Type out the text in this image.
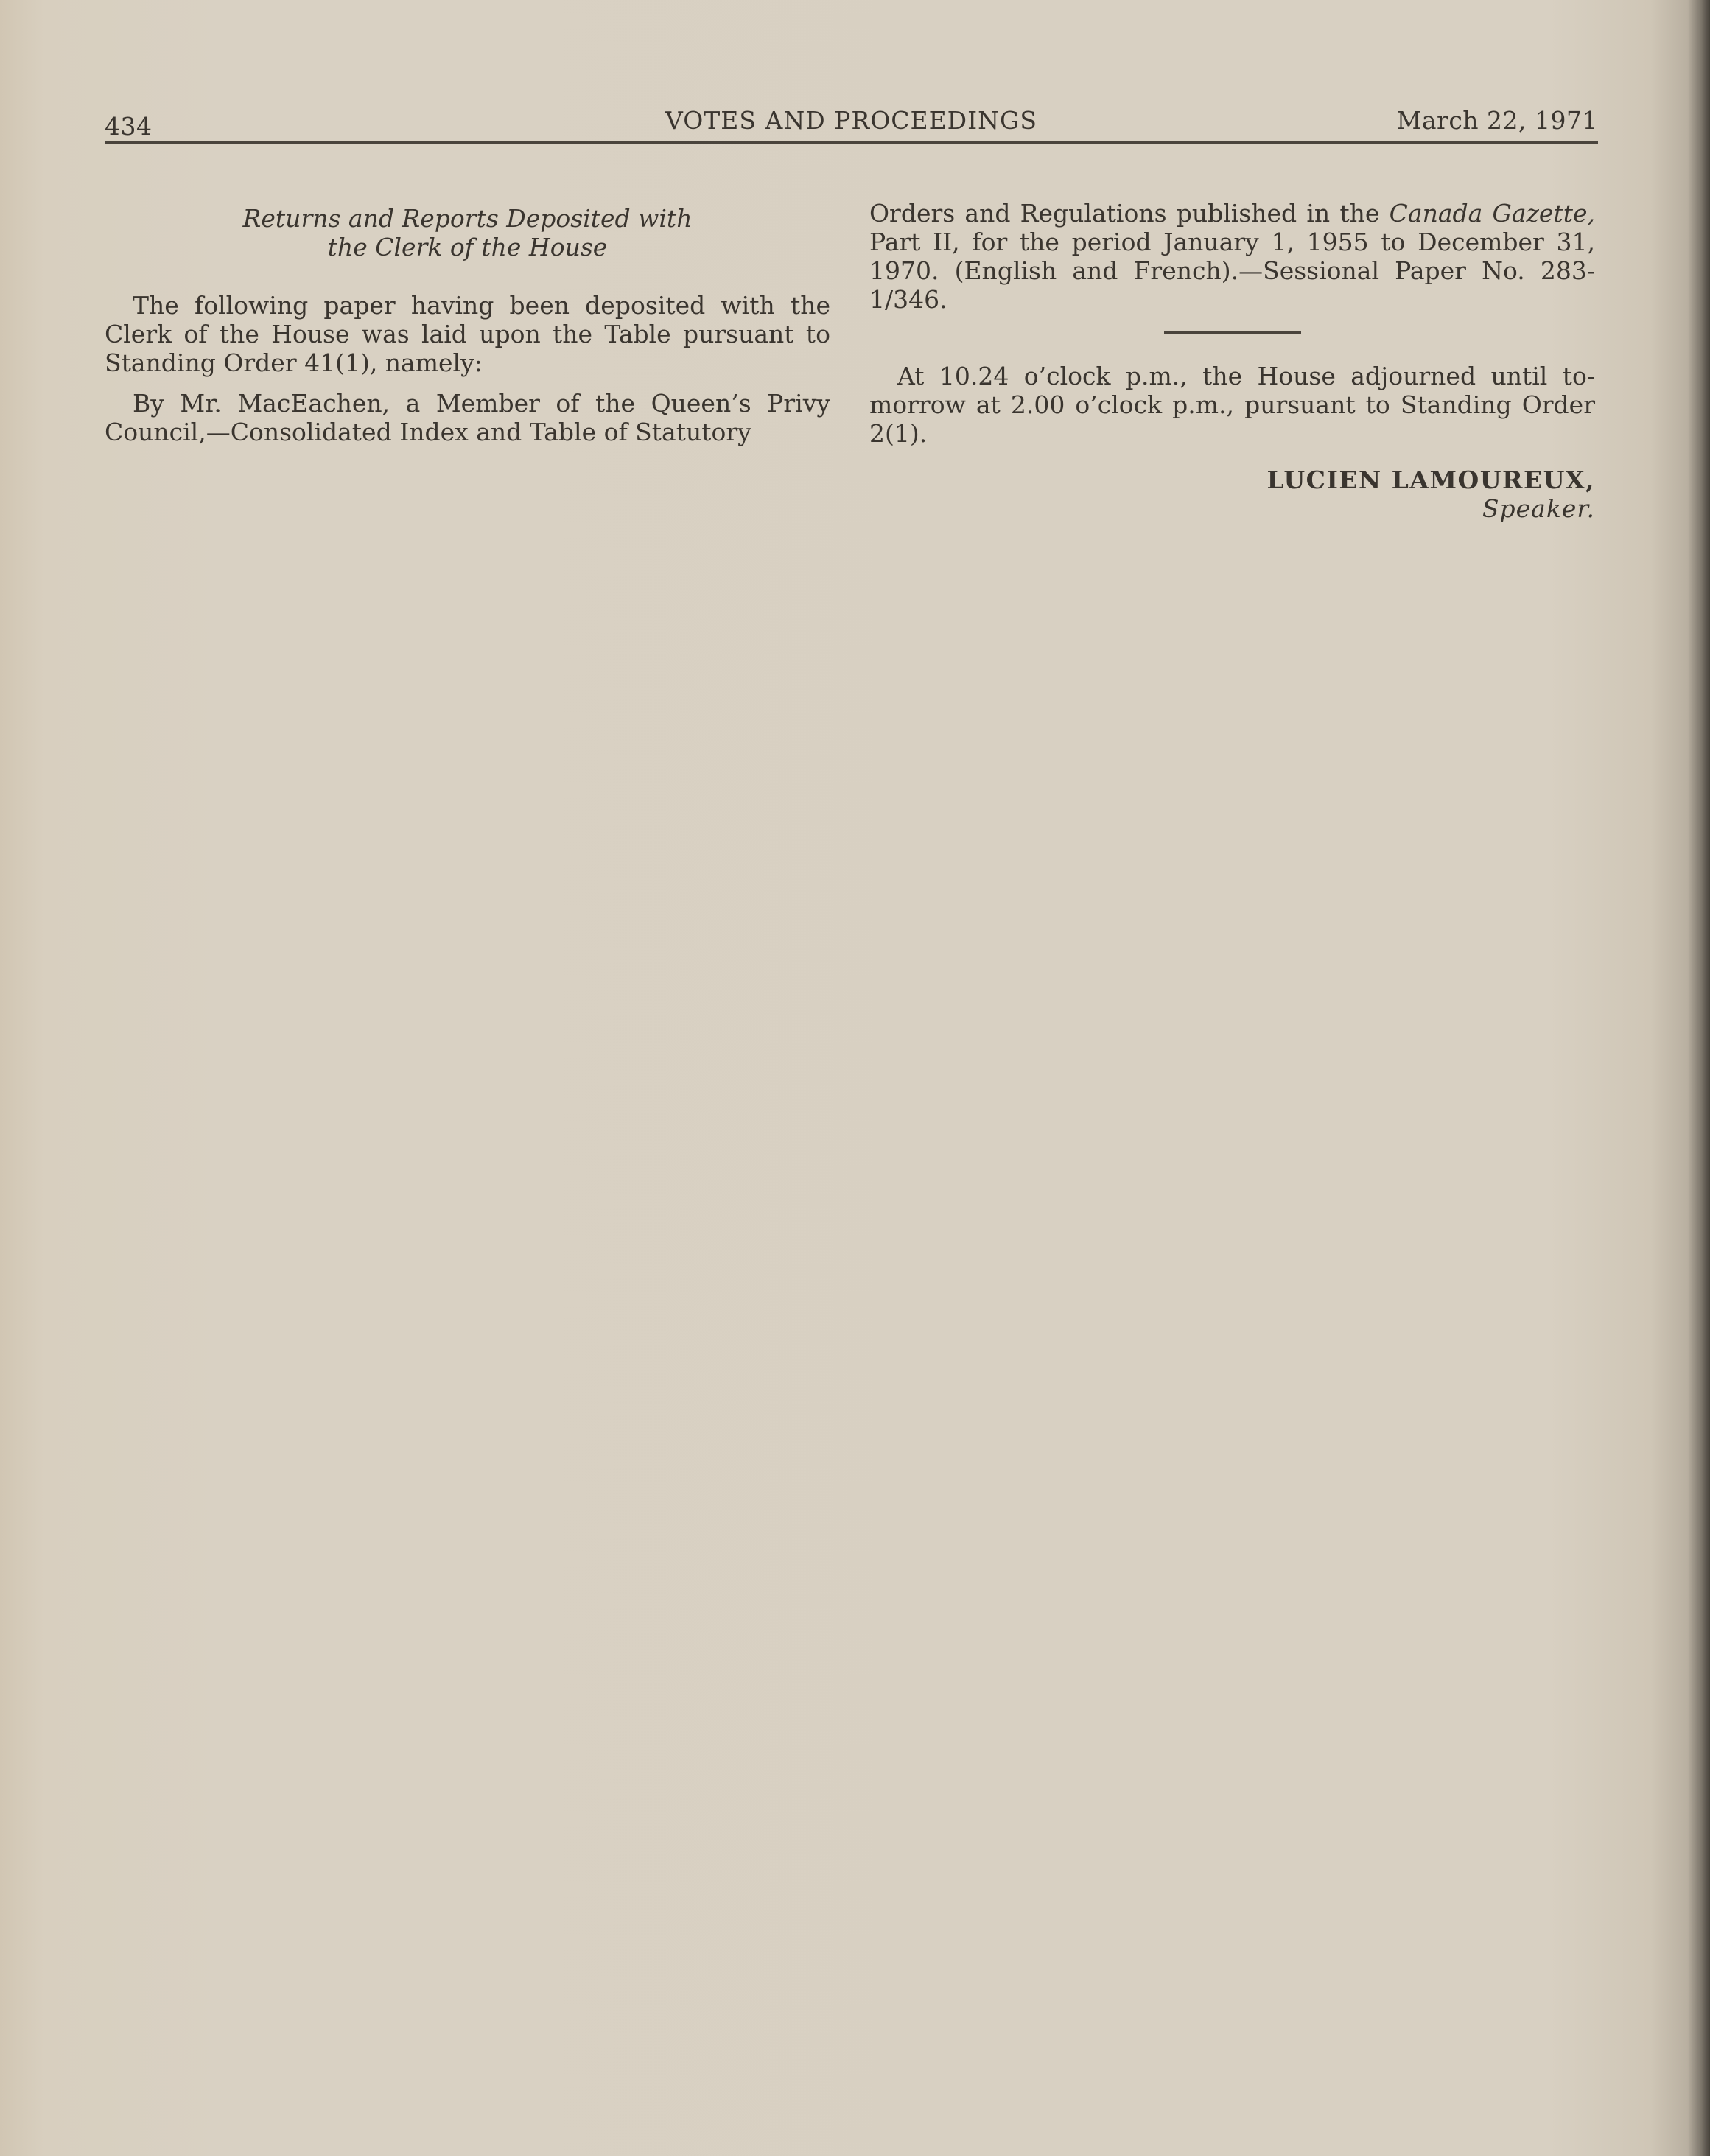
434	VOTES AND PROCEEDINGS	March 22, 1971
Returns and Reports Deposited with
the Clerk of the House

The following paper having been deposited with the Clerk of the House was laid upon the Table pursuant to Standing Order 41(1), namely:

By Mr. MacEachen, a Member of the Queen’s Privy Council,—Consolidated Index and Table of Statutory

Orders and Regulations published in the Canada Gazette, Part II, for the period January 1, 1955 to December 31, 1970. (English and French).—Sessional Paper No. 283-1/346.

At 10.24 o’clock p.m., the House adjourned until to-morrow at 2.00 o’clock p.m., pursuant to Standing Order 2(1).

LUCIEN LAMOUREUX,
Speaker.
